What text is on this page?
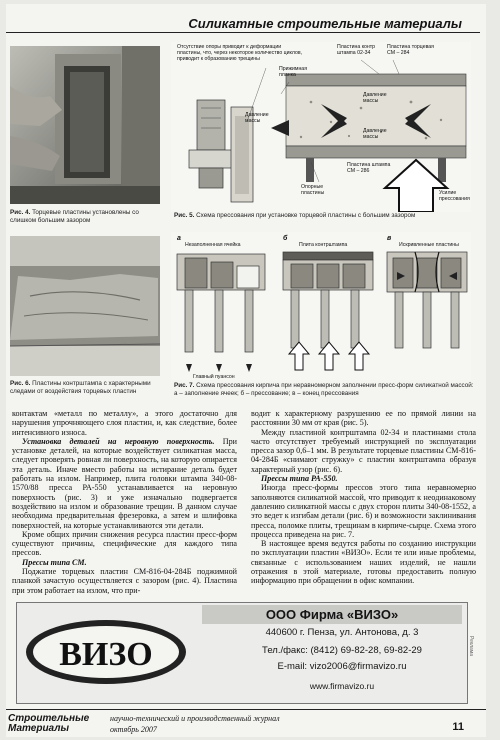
Силикатные строительные материалы
Рис. 4. Торцевые пластины установлены со слишком большим зазором
Отсутствие опоры приводит к деформации пластины, что, через некоторое количество циклов, приводит к образованию трещины
Пластина контр штампа 02-34
Пластина торцевая СМ – 284
Прижимная планка
Давление массы
Давление массы
Давление массы
Пластина штампа СМ – 286
Опорные пластины	Усилие прессования
Рис. 5. Схема прессования при установке торцевой пластины с большим зазором
Рис. 6. Пластины контрштампа с характерными следами от воздействия торцевых пластин
а	б	в
Незаполненная ячейка	Плита контрштампа	Искривленные пластины
Главный пуансон
Рис. 7. Схема прессования кирпича при неравномерном заполнении пресс-форм силикатной массой: а – заполнение ячеек; б – прессование; в – конец прессования

контактам «металл по металлу», а этого достаточно для нарушения упрочняющего слоя пластин, и, как следствие, более интенсивного износа.

Установка деталей на неровную поверхность. При установке деталей, на которые воздействует силикатная масса, следует проверять ровная ли поверхность, на которую опирается эта деталь. Иначе вместо работы на истирание деталь будет работать на излом. Например, плита головки штампа 340-08-1570/88 пресса РА-550 устанавливается на неровную поверхность (рис. 3) и уже изначально подвергается воздействию на излом и образование трещин. В данном случае необходима предварительная фрезеровка, а затем и шлифовка поверхностей, на которые устанавливаются эти детали.

Кроме общих причин снижения ресурса пластин пресс-форм существуют причины, специфические для каждого типа прессов.

Прессы типа СМ.

Поджатие торцевых пластин СМ-816-04-284Б поджимной планкой зачастую осуществляется с зазором (рис. 4). Пластина при этом работает на излом, что при-

водит к характерному разрушению ее по прямой линии на расстоянии 30 мм от края (рис. 5).

Между пластиной контрштампа 02-34 и пластинами стола часто отсутствует требуемый инструкцией по эксплуатации пресса зазор 0,6–1 мм. В результате торцевые пластины СМ-816-04-284Б «снимают стружку» с пластин контрштампа образуя характерный узор (рис. 6).

Прессы типа РА-550.

Иногда пресс-формы прессов этого типа неравномерно заполняются силикатной массой, что приводит к неодинаковому давлению силикатной массы с двух сторон плиты 340-08-1552, а это ведет к изгибам детали (рис. 6) и возможности заклинивания пресса, поломке плиты, трещинам в кирпиче-сырце. Схема этого процесса приведена на рис. 7.

В настоящее время ведутся работы по созданию инструкции по эксплуатации пластин «ВИЗО». Если те или иные проблемы, связанные с использованием наших изделий, не нашли отражения в этой материале, готовы предоставить полную информацию при обращении в офис компании.

ВИЗО
ООО Фирма «ВИЗО»
440600 г. Пенза, ул. Антонова, д. 3
Тел./факс: (8412) 69-82-28, 69-82-29
E-mail: vizo2006@firmavizo.ru
www.firmavizo.ru
Реклама
Строительные
Материалы
научно-технический и производственный журнал
октябрь 2007	11
